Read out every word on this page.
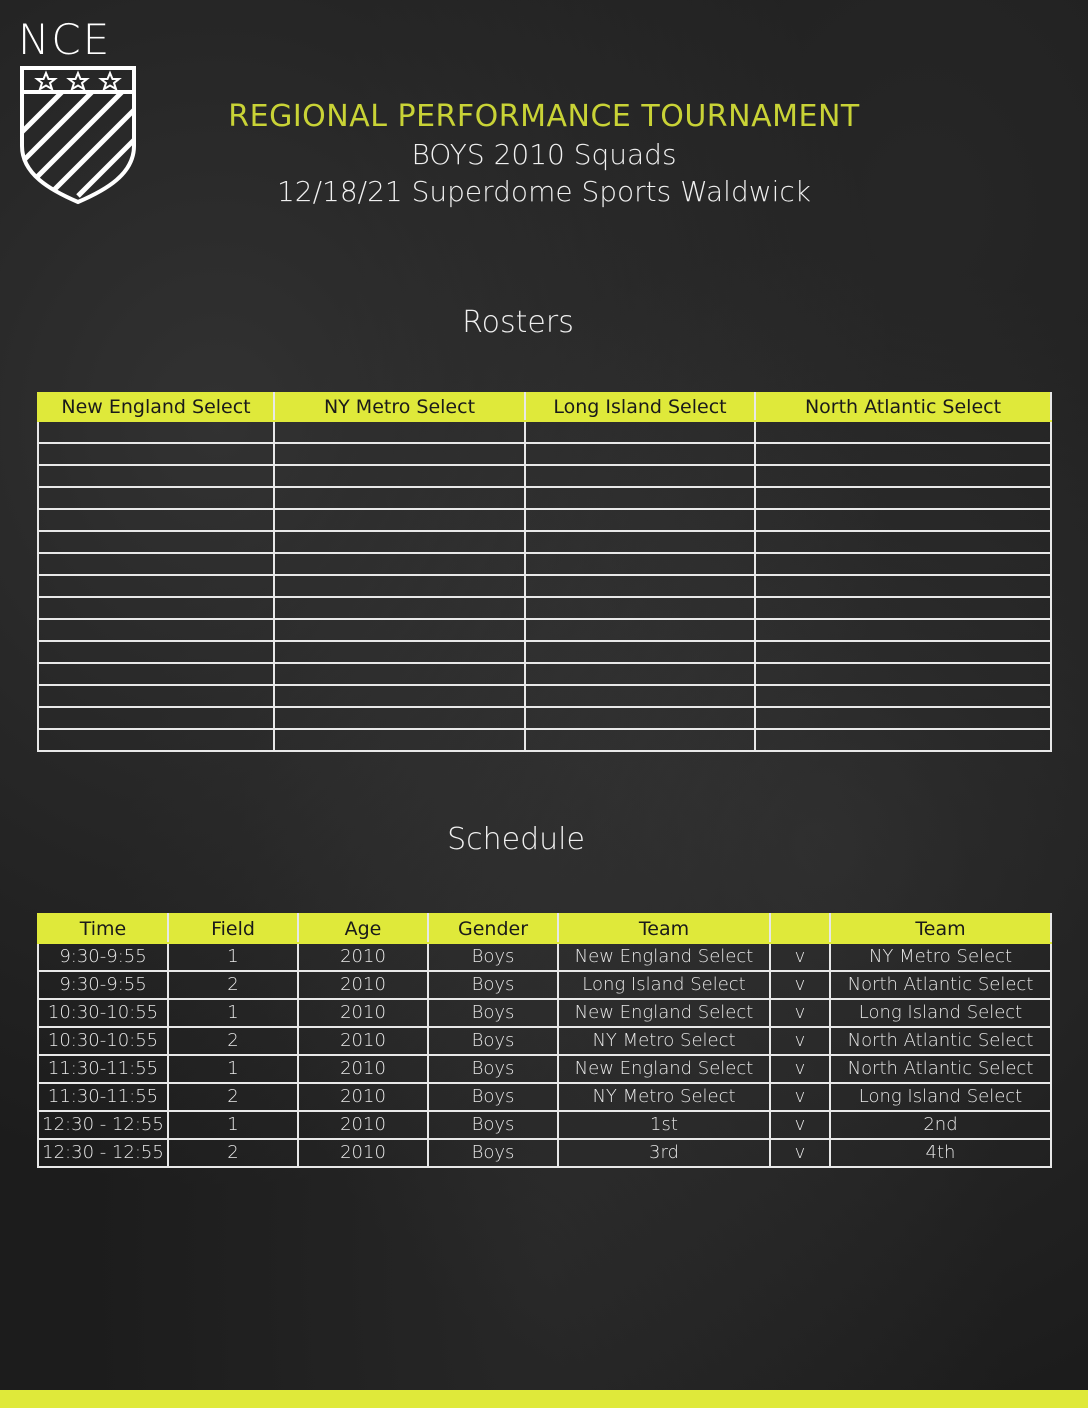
NCE
REGIONAL PERFORMANCE TOURNAMENT
BOYS 2010 Squads
12/18/21 Superdome Sports Waldwick
Rosters
New England Select	NY Metro Select	Long Island Select	North Atlantic Select

Schedule
Time	Field	Age	Gender	Team		Team
9:30-9:55	1	2010	Boys	New England Select	v	NY Metro Select
9:30-9:55	2	2010	Boys	Long Island Select	v	North Atlantic Select
10:30-10:55	1	2010	Boys	New England Select	v	Long Island Select
10:30-10:55	2	2010	Boys	NY Metro Select	v	North Atlantic Select
11:30-11:55	1	2010	Boys	New England Select	v	North Atlantic Select
11:30-11:55	2	2010	Boys	NY Metro Select	v	Long Island Select
12:30 - 12:55	1	2010	Boys	1st	v	2nd
12:30 - 12:55	2	2010	Boys	3rd	v	4th
